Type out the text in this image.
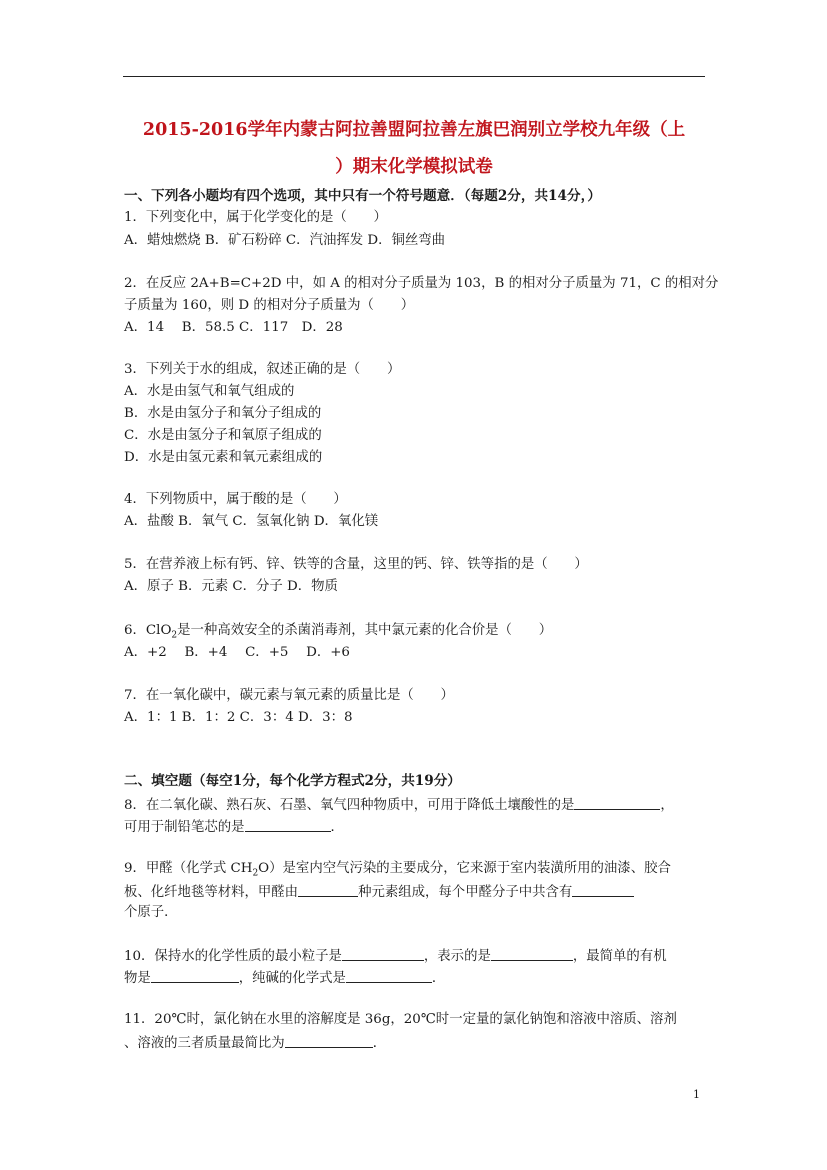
2015-2016学年内蒙古阿拉善盟阿拉善左旗巴润别立学校九年级（上
）期末化学模拟试卷
一、下列各小题均有四个选项，其中只有一个符号题意．（每题2分，共14分，）
1．下列变化中，属于化学变化的是（　　）
A．蜡烛燃烧 B．矿石粉碎 C．汽油挥发 D．铜丝弯曲
2．在反应 2A+B=C+2D 中，如 A 的相对分子质量为 103，B 的相对分子质量为 71，C 的相对分
子质量为 160，则 D 的相对分子质量为（　　）
A．14　 B．58.5 C．117　D．28
3．下列关于水的组成，叙述正确的是（　　）
A．水是由氢气和氧气组成的
B．水是由氢分子和氧分子组成的
C．水是由氢分子和氧原子组成的
D．水是由氢元素和氧元素组成的
4．下列物质中，属于酸的是（　　）
A．盐酸 B．氧气 C．氢氧化钠 D．氧化镁
5．在营养液上标有钙、锌、铁等的含量，这里的钙、锌、铁等指的是（　　）
A．原子 B．元素 C．分子 D．物质
6．ClO$_2$是一种高效安全的杀菌消毒剂，其中氯元素的化合价是（　　）
A．+2　 B．+4　 C．+5　 D．+6
7．在一氧化碳中，碳元素与氧元素的质量比是（　　）
A．1：1 B．1：2 C．3：4 D．3：8
二、填空题（每空1分，每个化学方程式2分，共19分）
8．在二氧化碳、熟石灰、石墨、氧气四种物质中，可用于降低土壤酸性的是	，
可用于制铅笔芯的是	．
9．甲醛（化学式 $CH_2O$）是室内空气污染的主要成分，它来源于室内装潢所用的油漆、胶合
板、化纤地毯等材料，甲醛由	种元素组成，每个甲醛分子中共含有
个原子．
10．保持水的化学性质的最小粒子是	，表示的是	，最简单的有机
物是	，纯碱的化学式是	．
11．20℃时，氯化钠在水里的溶解度是 36g，20℃时一定量的氯化钠饱和溶液中溶质、溶剂
、溶液的三者质量最简比为	．
1
